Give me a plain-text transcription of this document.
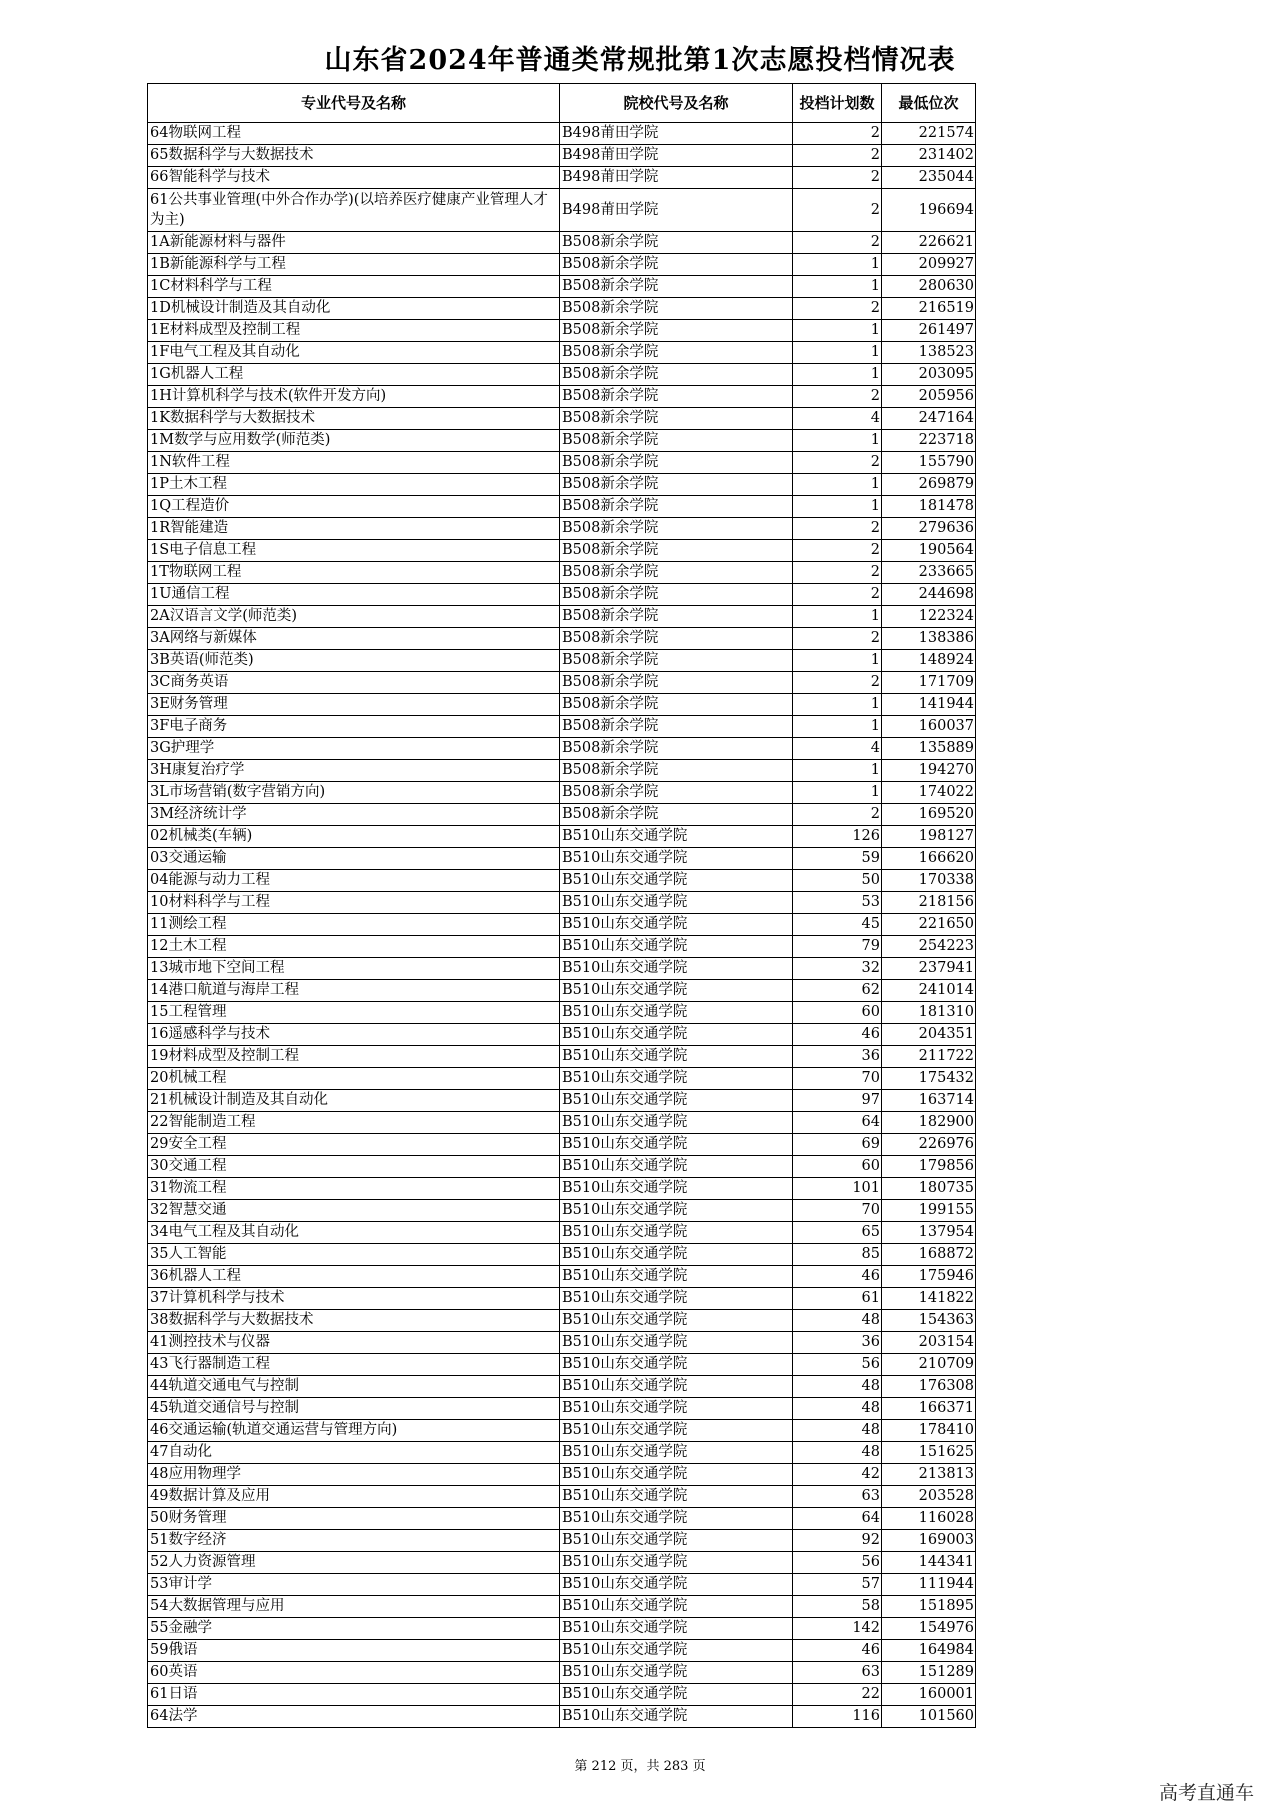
山东省2024年普通类常规批第1次志愿投档情况表
专业代号及名称	院校代号及名称	投档计划数	最低位次
64物联网工程	B498莆田学院	2	221574
65数据科学与大数据技术	B498莆田学院	2	231402
66智能科学与技术	B498莆田学院	2	235044
61公共事业管理(中外合作办学)(以培养医疗健康产业管理人才为主)	B498莆田学院	2	196694
1A新能源材料与器件	B508新余学院	2	226621
1B新能源科学与工程	B508新余学院	1	209927
1C材料科学与工程	B508新余学院	1	280630
1D机械设计制造及其自动化	B508新余学院	2	216519
1E材料成型及控制工程	B508新余学院	1	261497
1F电气工程及其自动化	B508新余学院	1	138523
1G机器人工程	B508新余学院	1	203095
1H计算机科学与技术(软件开发方向)	B508新余学院	2	205956
1K数据科学与大数据技术	B508新余学院	4	247164
1M数学与应用数学(师范类)	B508新余学院	1	223718
1N软件工程	B508新余学院	2	155790
1P土木工程	B508新余学院	1	269879
1Q工程造价	B508新余学院	1	181478
1R智能建造	B508新余学院	2	279636
1S电子信息工程	B508新余学院	2	190564
1T物联网工程	B508新余学院	2	233665
1U通信工程	B508新余学院	2	244698
2A汉语言文学(师范类)	B508新余学院	1	122324
3A网络与新媒体	B508新余学院	2	138386
3B英语(师范类)	B508新余学院	1	148924
3C商务英语	B508新余学院	2	171709
3E财务管理	B508新余学院	1	141944
3F电子商务	B508新余学院	1	160037
3G护理学	B508新余学院	4	135889
3H康复治疗学	B508新余学院	1	194270
3L市场营销(数字营销方向)	B508新余学院	1	174022
3M经济统计学	B508新余学院	2	169520
02机械类(车辆)	B510山东交通学院	126	198127
03交通运输	B510山东交通学院	59	166620
04能源与动力工程	B510山东交通学院	50	170338
10材料科学与工程	B510山东交通学院	53	218156
11测绘工程	B510山东交通学院	45	221650
12土木工程	B510山东交通学院	79	254223
13城市地下空间工程	B510山东交通学院	32	237941
14港口航道与海岸工程	B510山东交通学院	62	241014
15工程管理	B510山东交通学院	60	181310
16遥感科学与技术	B510山东交通学院	46	204351
19材料成型及控制工程	B510山东交通学院	36	211722
20机械工程	B510山东交通学院	70	175432
21机械设计制造及其自动化	B510山东交通学院	97	163714
22智能制造工程	B510山东交通学院	64	182900
29安全工程	B510山东交通学院	69	226976
30交通工程	B510山东交通学院	60	179856
31物流工程	B510山东交通学院	101	180735
32智慧交通	B510山东交通学院	70	199155
34电气工程及其自动化	B510山东交通学院	65	137954
35人工智能	B510山东交通学院	85	168872
36机器人工程	B510山东交通学院	46	175946
37计算机科学与技术	B510山东交通学院	61	141822
38数据科学与大数据技术	B510山东交通学院	48	154363
41测控技术与仪器	B510山东交通学院	36	203154
43飞行器制造工程	B510山东交通学院	56	210709
44轨道交通电气与控制	B510山东交通学院	48	176308
45轨道交通信号与控制	B510山东交通学院	48	166371
46交通运输(轨道交通运营与管理方向)	B510山东交通学院	48	178410
47自动化	B510山东交通学院	48	151625
48应用物理学	B510山东交通学院	42	213813
49数据计算及应用	B510山东交通学院	63	203528
50财务管理	B510山东交通学院	64	116028
51数字经济	B510山东交通学院	92	169003
52人力资源管理	B510山东交通学院	56	144341
53审计学	B510山东交通学院	57	111944
54大数据管理与应用	B510山东交通学院	58	151895
55金融学	B510山东交通学院	142	154976
59俄语	B510山东交通学院	46	164984
60英语	B510山东交通学院	63	151289
61日语	B510山东交通学院	22	160001
64法学	B510山东交通学院	116	101560
第 212 页，共 283 页
高考直通车
